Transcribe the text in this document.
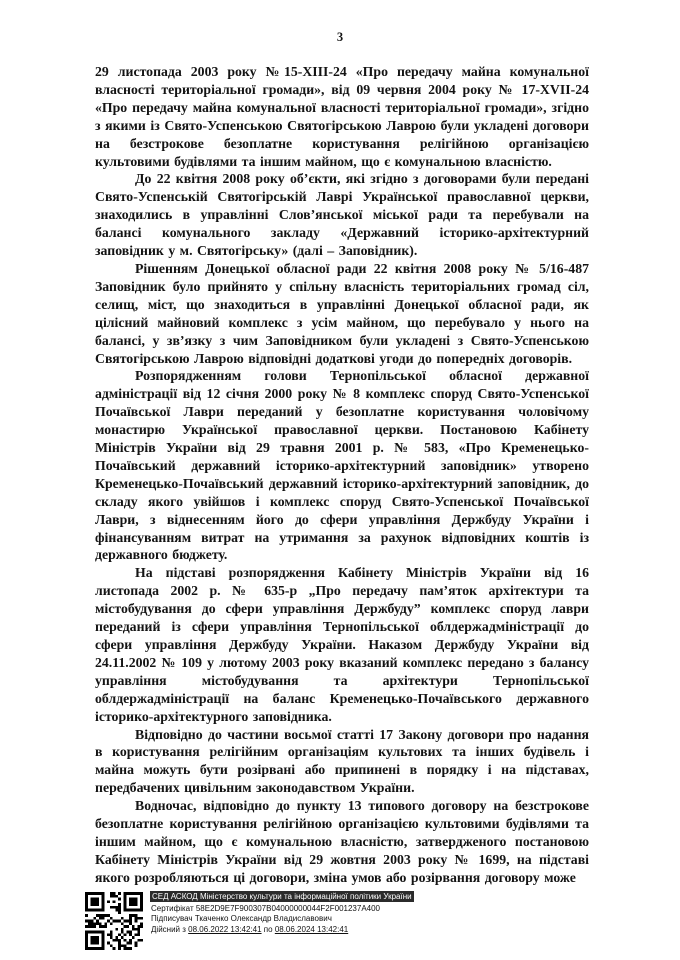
3

29 листопада 2003 року №15-XIII-24 «Про передачу майна комунальної власності територіальної громади», від 09 червня 2004 року № 17-XVII-24 «Про передачу майна комунальної власності територіальної громади», згідно з якими із Свято-Успенською Святогірською Лаврою були укладені договори на безстрокове безоплатне користування релігійною організацією культовими будівлями та іншим майном, що є комунальною власністю.

До 22 квітня 2008 року об’єкти, які згідно з договорами були передані Свято-Успенській Святогірській Лаврі Української православної церкви, знаходились в управлінні Слов’янської міської ради та перебували на балансі комунального закладу «Державний історико-архітектурний заповідник у м. Святогірську» (далі – Заповідник).

Рішенням Донецької обласної ради 22 квітня 2008 року № 5/16-487 Заповідник було прийнято у спільну власність територіальних громад сіл, селищ, міст, що знаходиться в управлінні Донецької обласної ради, як цілісний майновий комплекс з усім майном, що перебувало у нього на балансі, у зв’язку з чим Заповідником були укладені з Свято-Успенською Святогірською Лаврою відповідні додаткові угоди до попередніх договорів.

Розпорядженням голови Тернопільської обласної державної адміністрації від 12 січня 2000 року № 8 комплекс споруд Свято-Успенської Почаївської Лаври переданий у безоплатне користування чоловічому монастирю Української православної церкви. Постановою Кабінету Міністрів України від 29 травня 2001 р. № 583, «Про Кременецько-Почаївський державний історико-архітектурний заповідник» утворено Кременецько-Почаївський державний історико-архітектурний заповідник, до складу якого увійшов і комплекс споруд Свято-Успенської Почаївської Лаври, з віднесенням його до сфери управління Держбуду України і фінансуванням витрат на утримання за рахунок відповідних коштів із державного бюджету.

На підставі розпорядження Кабінету Міністрів України від 16 листопада 2002 р. № 635-р „Про передачу пам’яток архітектури та містобудування до сфери управління Держбуду” комплекс споруд лаври переданий із сфери управління Тернопільської облдержадміністрації до сфери управління Держбуду України. Наказом Держбуду України від 24.11.2002 № 109 у лютому 2003 року вказаний комплекс передано з балансу управління містобудування та архітектури Тернопільської облдержадміністрації на баланс Кременецько-Почаївського державного історико-архітектурного заповідника.

Відповідно до частини восьмої статті 17 Закону договори про надання в користування релігійним організаціям культових та інших будівель і майна можуть бути розірвані або припинені в порядку і на підставах, передбачених цивільним законодавством України.

Водночас, відповідно до пункту 13 типового договору на безстрокове безоплатне користування релігійною організацією культовими будівлями та іншим майном, що є комунальною власністю, затвердженого постановою Кабінету Міністрів України від 29 жовтня 2003 року № 1699, на підставі якого розробляються ці договори, зміна умов або розірвання договору може

СЕД АСКОД Міністерство культури та інформаційної політики України
Сертифікат 58E2D9E7F900307B04000000044F2F001237A400
Підписувач Ткаченко Олександр Владиславович
Дійсний з 08.06.2022 13:42:41 по 08.06.2024 13:42:41
